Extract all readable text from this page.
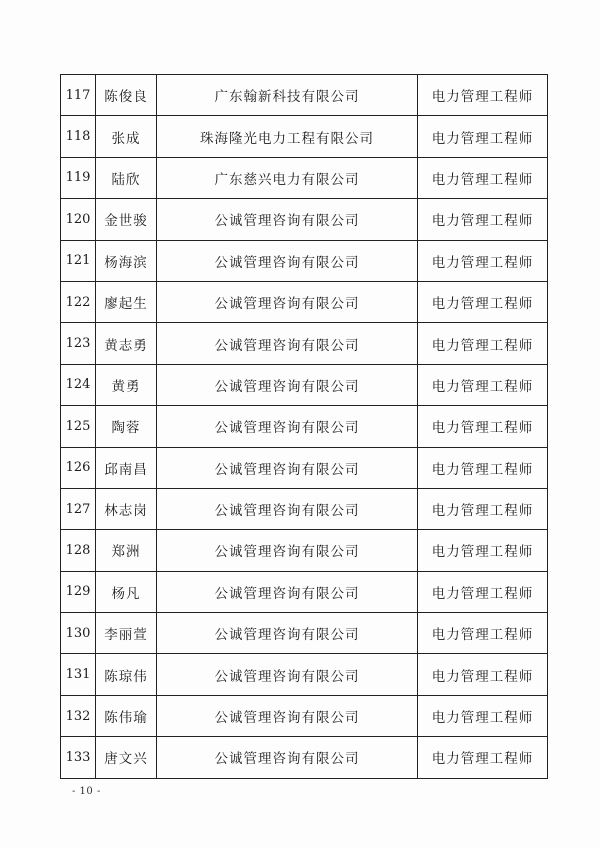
117	陈俊良	广东翰新科技有限公司	电力管理工程师
118	张成	珠海隆光电力工程有限公司	电力管理工程师
119	陆欣	广东慈兴电力有限公司	电力管理工程师
120	金世骏	公诚管理咨询有限公司	电力管理工程师
121	杨海滨	公诚管理咨询有限公司	电力管理工程师
122	廖起生	公诚管理咨询有限公司	电力管理工程师
123	黄志勇	公诚管理咨询有限公司	电力管理工程师
124	黄勇	公诚管理咨询有限公司	电力管理工程师
125	陶蓉	公诚管理咨询有限公司	电力管理工程师
126	邱南昌	公诚管理咨询有限公司	电力管理工程师
127	林志岗	公诚管理咨询有限公司	电力管理工程师
128	郑洲	公诚管理咨询有限公司	电力管理工程师
129	杨凡	公诚管理咨询有限公司	电力管理工程师
130	李丽萱	公诚管理咨询有限公司	电力管理工程师
131	陈琼伟	公诚管理咨询有限公司	电力管理工程师
132	陈伟瑜	公诚管理咨询有限公司	电力管理工程师
133	唐文兴	公诚管理咨询有限公司	电力管理工程师
- 10 -
